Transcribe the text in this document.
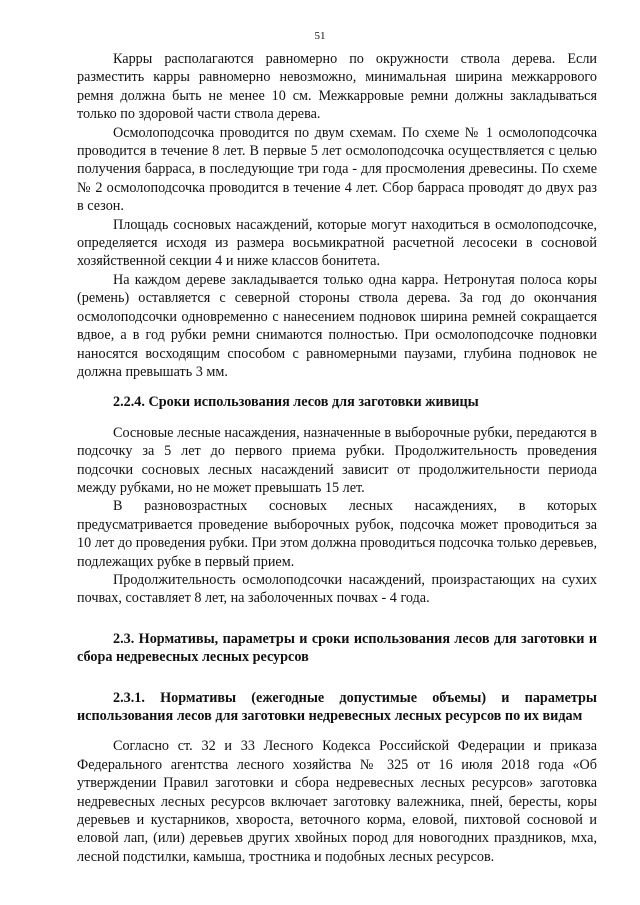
51

Карры располагаются равномерно по окружности ствола дерева. Если разместить карры равномерно невозможно, минимальная ширина межкаррового ремня должна быть не менее 10 см. Межкарровые ремни должны закладываться только по здоровой части ствола дерева.

Осмолоподсочка проводится по двум схемам. По схеме № 1 осмолоподсочка проводится в течение 8 лет. В первые 5 лет осмолоподсочка осуществляется с целью получения барраса, в последующие три года - для просмоления древесины. По схеме № 2 осмолоподсочка проводится в течение 4 лет. Сбор барраса проводят до двух раз в сезон.

Площадь сосновых насаждений, которые могут находиться в осмолоподсочке, определяется исходя из размера восьмикратной расчетной лесосеки в сосновой хозяйственной секции 4 и ниже классов бонитета.

На каждом дереве закладывается только одна карра. Нетронутая полоса коры (ремень) оставляется с северной стороны ствола дерева. За год до окончания осмолоподсочки одновременно с нанесением подновок ширина ремней сокращается вдвое, а в год рубки ремни снимаются полностью. При осмолоподсочке подновки наносятся восходящим способом с равномерными паузами, глубина подновок не должна превышать 3 мм.

2.2.4. Сроки использования лесов для заготовки живицы

Сосновые лесные насаждения, назначенные в выборочные рубки, передаются в подсочку за 5 лет до первого приема рубки. Продолжительность проведения подсочки сосновых лесных насаждений зависит от продолжительности периода между рубками, но не может превышать 15 лет.

В разновозрастных сосновых лесных насаждениях, в которых предусматривается проведение выборочных рубок, подсочка может проводиться за 10 лет до проведения рубки. При этом должна проводиться подсочка только деревьев, подлежащих рубке в первый прием.

Продолжительность осмолоподсочки насаждений, произрастающих на сухих почвах, составляет 8 лет, на заболоченных почвах - 4 года.

2.3. Нормативы, параметры и сроки использования лесов для заготовки и сбора недревесных лесных ресурсов
2.3.1. Нормативы (ежегодные допустимые объемы) и параметры использования лесов для заготовки недревесных лесных ресурсов по их видам

Согласно ст. 32 и 33 Лесного Кодекса Российской Федерации и приказа Федерального агентства лесного хозяйства № 325 от 16 июля 2018 года «Об утверждении Правил заготовки и сбора недревесных лесных ресурсов» заготовка недревесных лесных ресурсов включает заготовку валежника, пней, бересты, коры деревьев и кустарников, хвороста, веточного корма, еловой, пихтовой сосновой и еловой лап, (или) деревьев других хвойных пород для новогодних праздников, мха, лесной подстилки, камыша, тростника и подобных лесных ресурсов.
